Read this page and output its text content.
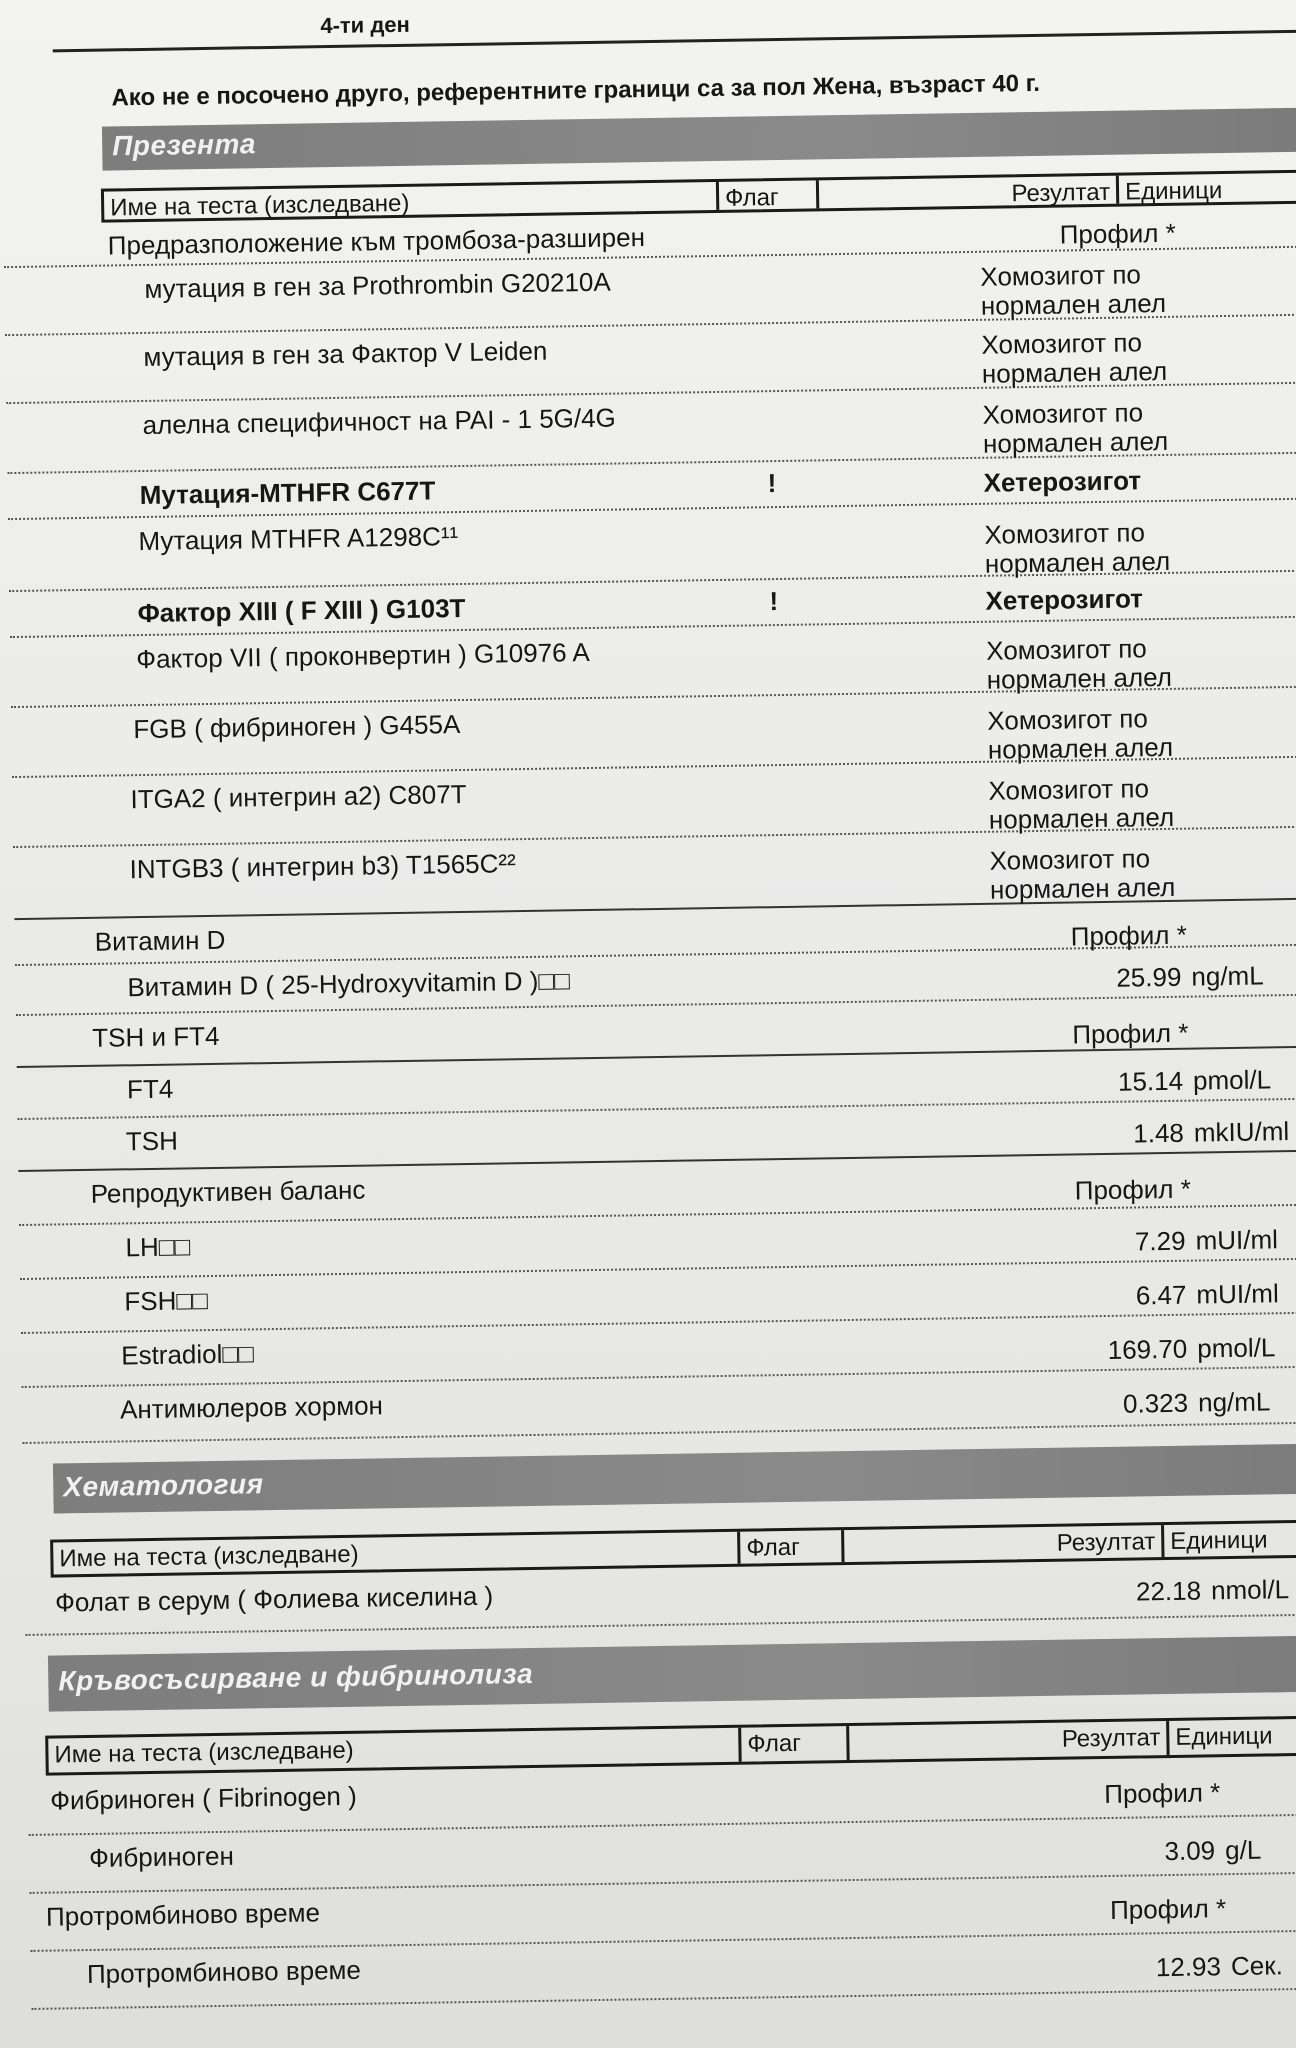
4-ти ден
Ако не е посочено друго, референтните граници са за пол Жена, възраст 40 г.
Презента
Име на теста (изследване)	Флаг	Резултат Единици
Предразположение към тромбоза-разширен	Профил *
мутация в ген за Prothrombin G20210A	Хомозигот по
нормален алел
мутация в ген за Фактор V Leiden	Хомозигот по
нормален алел
алелна специфичност на PAI - 1 5G/4G	Хомозигот по
нормален алел
Мутация-MTHFR C677T	!	Хетерозигот
Мутация MTHFR A1298C¹¹	Хомозигот по
нормален алел
Фактор XIII ( F XIII ) G103T	!	Хетерозигот
Фактор VII ( проконвертин ) G10976 A	Хомозигот по
нормален алел
FGB ( фибриноген ) G455A	Хомозигот по
нормален алел
ITGA2 ( интегрин a2) C807T	Хомозигот по
нормален алел
INTGB3 ( интегрин b3) T1565C²²	Хомозигот по
нормален алел
Витамин D	Профил *
Витамин D ( 25-Hydroxyvitamin D )□□	25.99 ng/mL
TSH и FT4	Профил *
FT4	15.14 pmol/L
TSH	1.48 mkIU/ml
Репродуктивен баланс	Профил *
LH□□	7.29 mUI/ml
FSH□□	6.47 mUI/ml
Estradiol□□	169.70 pmol/L
Антимюлеров хормон	0.323 ng/mL
Хематология
Име на теста (изследване)	Флаг	Резултат Единици
Фолат в серум ( Фолиева киселина )	22.18 nmol/L
Кръвосъсирване и фибринолиза
Име на теста (изследване)	Флаг	Резултат Единици
Фибриноген ( Fibrinogen )	Профил *
Фибриноген	3.09 g/L
Протромбиново време	Профил *
Протромбиново време	12.93 Сек.
